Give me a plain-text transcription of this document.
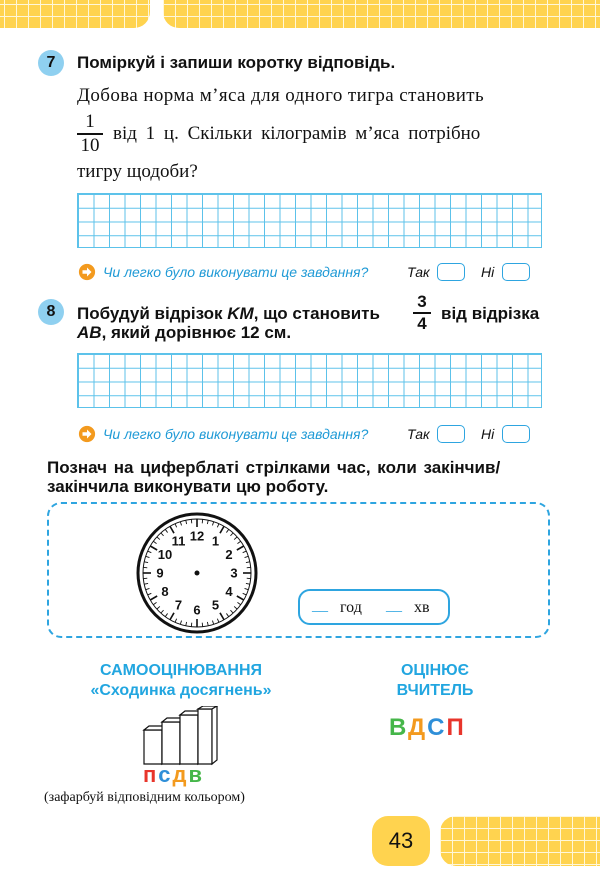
7	Поміркуй і запиши коротку відповідь.
Добова норма м’яса для одного тигра становить
1
10
від 1 ц. Скільки кілограмів м’яса потрібно
тигру щодоби?
Чи легко було виконувати це завдання?	Так	Ні
8	Побудуй відрізок KM, що становить
3
4
від відрізка
AB, який дорівнює 12 см.
Чи легко було виконувати це завдання?	Так	Ні
Познач на циферблаті стрілками час, коли закінчив/
закінчила виконувати цю роботу.
12 1
2
3
4
5
6
7
8
9
10
11
__ год __ хв
САМООЦІНЮВАННЯ
«Сходинка досягнень»
псдв
(зафарбуй відповідним кольором)
ОЦІНЮЄ
ВЧИТЕЛЬ
ВДСП
43
